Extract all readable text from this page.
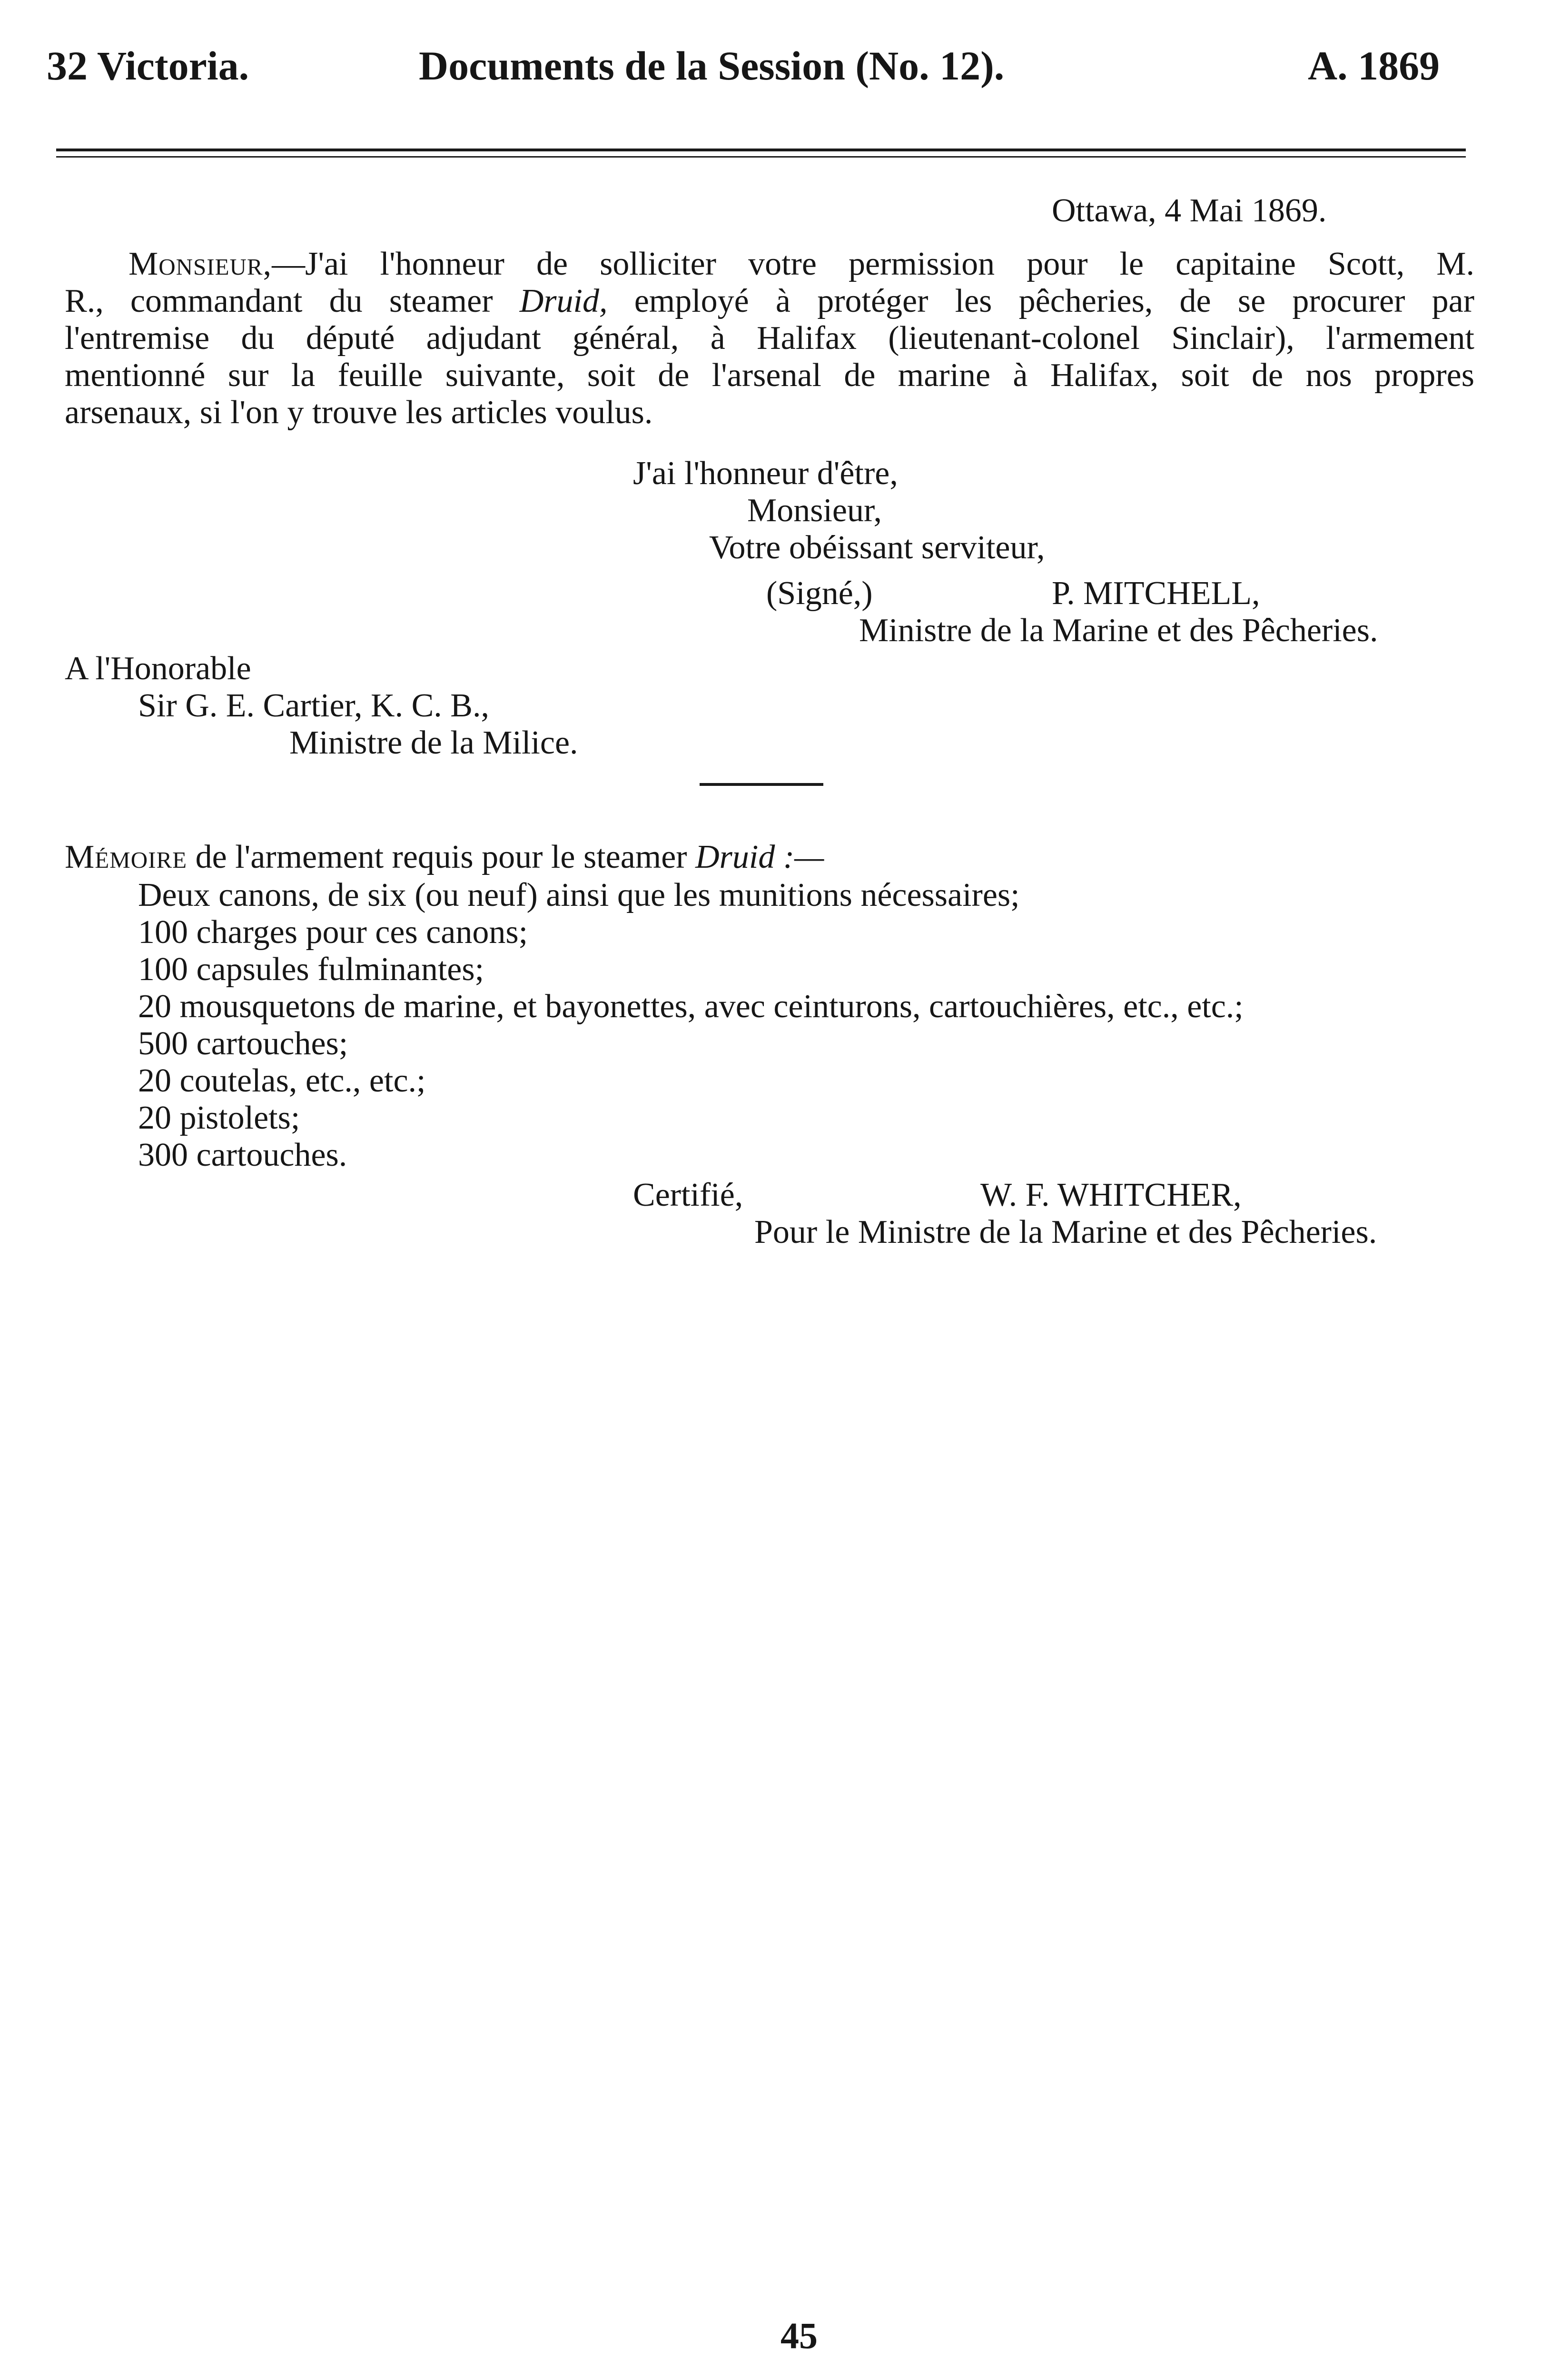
32 Victoria.	Documents de la Session (No. 12).	A. 1869
Ottawa, 4 Mai 1869.
Monsieur,—J'ai l'honneur de solliciter votre permission pour le capitaine Scott, M.
R., commandant du steamer Druid, employé à protéger les pêcheries, de se procurer par
l'entremise du député adjudant général, à Halifax (lieutenant-colonel Sinclair), l'armement
mentionné sur la feuille suivante, soit de l'arsenal de marine à Halifax, soit de nos propres
arsenaux, si l'on y trouve les articles voulus.
J'ai l'honneur d'être,
Monsieur,
Votre obéissant serviteur,
(Signé,)	P. MITCHELL,
Ministre de la Marine et des Pêcheries.
A l'Honorable
Sir G. E. Cartier, K. C. B.,
Ministre de la Milice.
Mémoire de l'armement requis pour le steamer Druid :—
Deux canons, de six (ou neuf) ainsi que les munitions nécessaires;
100 charges pour ces canons;
100 capsules fulminantes;
20 mousquetons de marine, et bayonettes, avec ceinturons, cartouchières, etc., etc.;
500 cartouches;
20 coutelas, etc., etc.;
20 pistolets;
300 cartouches.
Certifié,	W. F. WHITCHER,
Pour le Ministre de la Marine et des Pêcheries.
45
